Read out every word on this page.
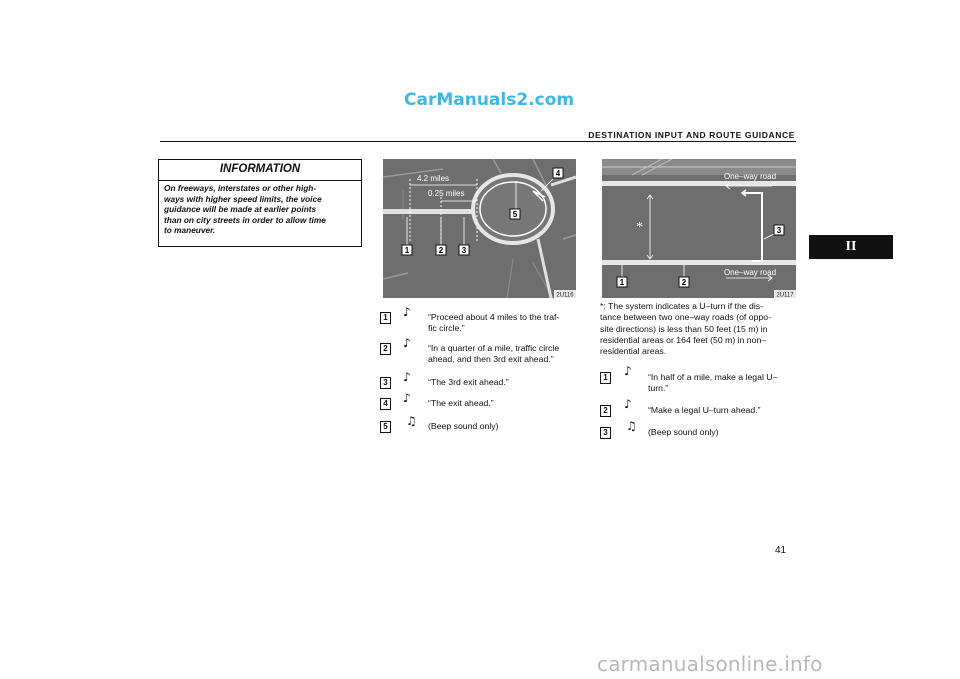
CarManuals2.com
DESTINATION INPUT AND ROUTE GUIDANCE
INFORMATION
On freeways, interstates or other high-
ways with higher speed limits, the voice
guidance will be made at earlier points
than on city streets in order to allow time
to maneuver.
II
4.2 miles
0.25 miles
1	2 3
4
5
2U116
One–way road
One–way road
*
1	2
3
2U117
1 ♪ “Proceed about 4 miles to the traf-
fic circle.”
2 ♪ “In a quarter of a mile, traffic circle
ahead, and then 3rd exit ahead.”
3 ♪ “The 3rd exit ahead.”
4 ♪ “The exit ahead.”
5 ♫ (Beep sound only)
*: The system indicates a U–turn if the dis-
tance between two one–way roads (of oppo-
site directions) is less than 50 feet (15 m) in
residential areas or 164 feet (50 m) in non–
residential areas.
1 ♪ “In half of a mile, make a legal U–
turn.”
2 ♪ “Make a legal U–turn ahead.”
3 ♫ (Beep sound only)
41
carmanualsonline.info
